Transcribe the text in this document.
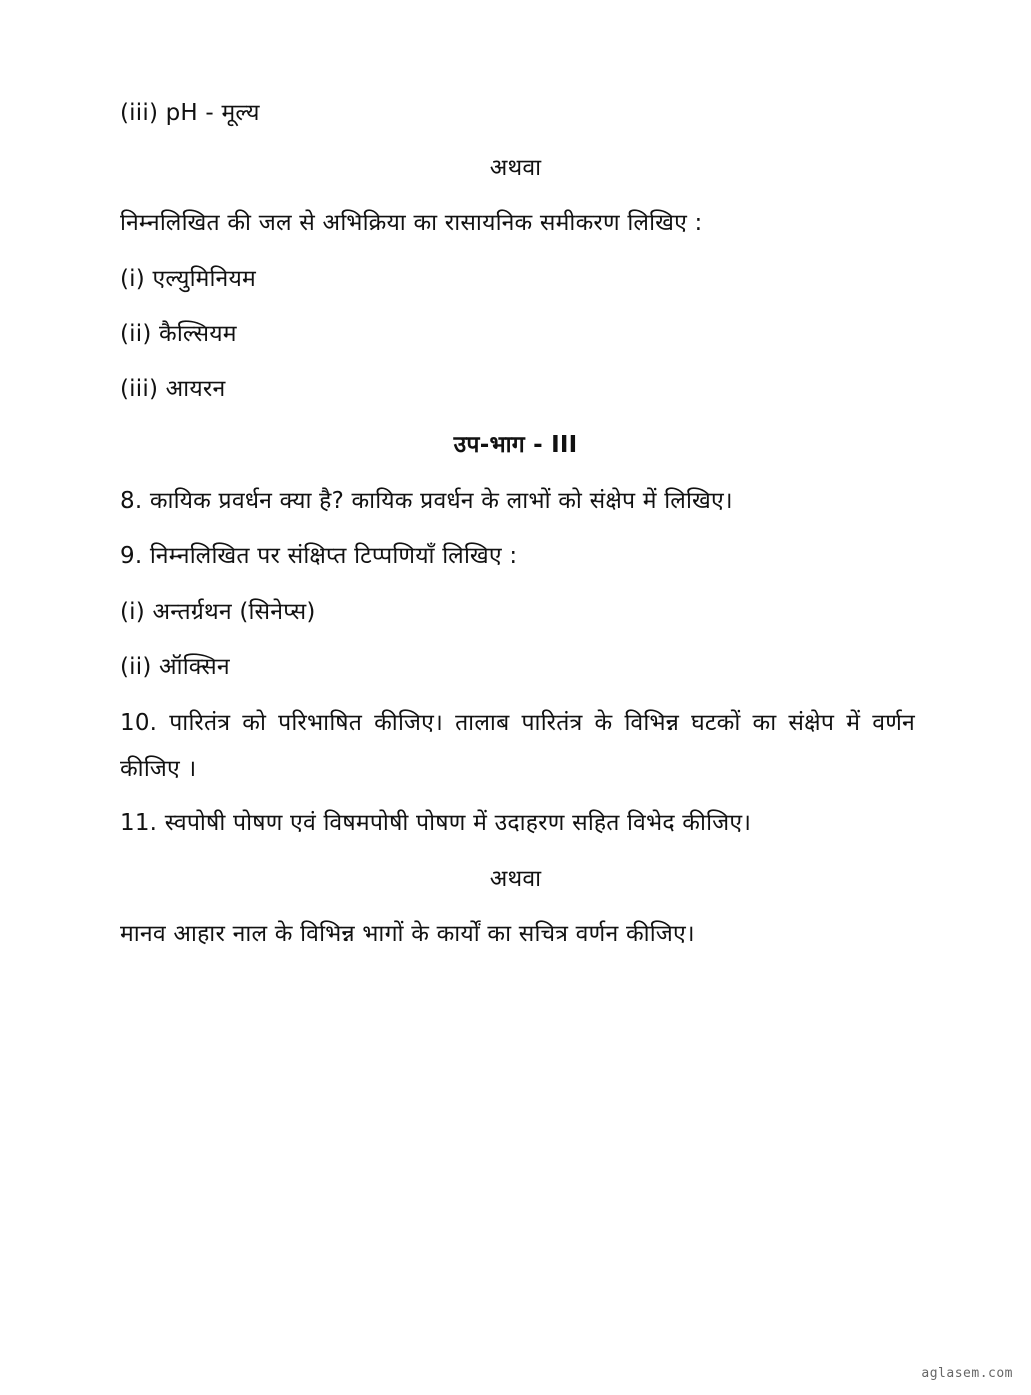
(iii) pH - मूल्य
अथवा
निम्नलिखित की जल से अभिक्रिया का रासायनिक समीकरण लिखिए :
(i) एल्युमिनियम
(ii) कैल्सियम
(iii) आयरन
उप-भाग - III
8. कायिक प्रवर्धन क्या है? कायिक प्रवर्धन के लाभों को संक्षेप में लिखिए।
9. निम्नलिखित पर संक्षिप्त टिप्पणियाँ लिखिए :
(i) अन्तर्ग्रथन (सिनेप्स)
(ii) ऑक्सिन
10. पारितंत्र को परिभाषित कीजिए। तालाब पारितंत्र के विभिन्न घटकों का संक्षेप में वर्णन कीजिए ।
11. स्वपोषी पोषण एवं विषमपोषी पोषण में उदाहरण सहित विभेद कीजिए।
अथवा
मानव आहार नाल के विभिन्न भागों के कार्यों का सचित्र वर्णन कीजिए।
aglasem.com
